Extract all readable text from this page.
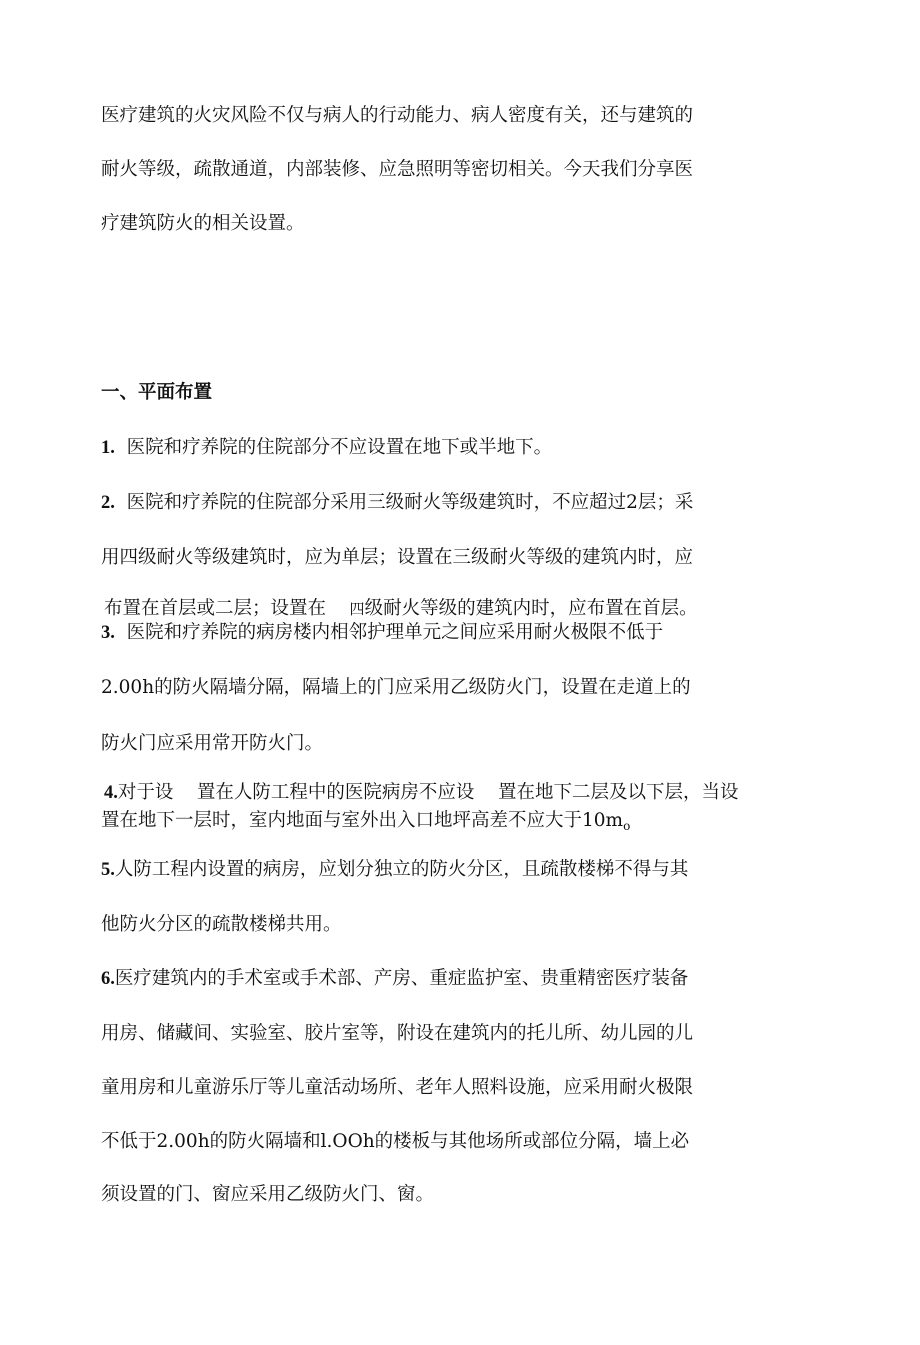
医疗建筑的火灾风险不仅与病人的行动能力、病人密度有关，还与建筑的
耐火等级，疏散通道，内部装修、应急照明等密切相关。今天我们分享医
疗建筑防火的相关设置。
一、平面布置
1. 医院和疗养院的住院部分不应设置在地下或半地下。
2. 医院和疗养院的住院部分采用三级耐火等级建筑时，不应超过2层；采
用四级耐火等级建筑时，应为单层；设置在三级耐火等级的建筑内时，应
布置在首层或二层；设置在 四级耐火等级的建筑内时，应布置在首层。
3. 医院和疗养院的病房楼内相邻护理单元之间应采用耐火极限不低于
2.00h的防火隔墙分隔，隔墙上的门应采用乙级防火门，设置在走道上的
防火门应采用常开防火门。
4.对于设 置在人防工程中的医院病房不应设 置在地下二层及以下层，当设
置在地下一层时，室内地面与室外出入口地坪高差不应大于$10m_o$
5.人防工程内设置的病房，应划分独立的防火分区，且疏散楼梯不得与其
他防火分区的疏散楼梯共用。
6.医疗建筑内的手术室或手术部、产房、重症监护室、贵重精密医疗装备
用房、储藏间、实验室、胶片室等，附设在建筑内的托儿所、幼儿园的儿
童用房和儿童游乐厅等儿童活动场所、老年人照料设施，应采用耐火极限
不低于2.00h的防火隔墙和l.OOh的楼板与其他场所或部位分隔，墙上必
须设置的门、窗应采用乙级防火门、窗。
